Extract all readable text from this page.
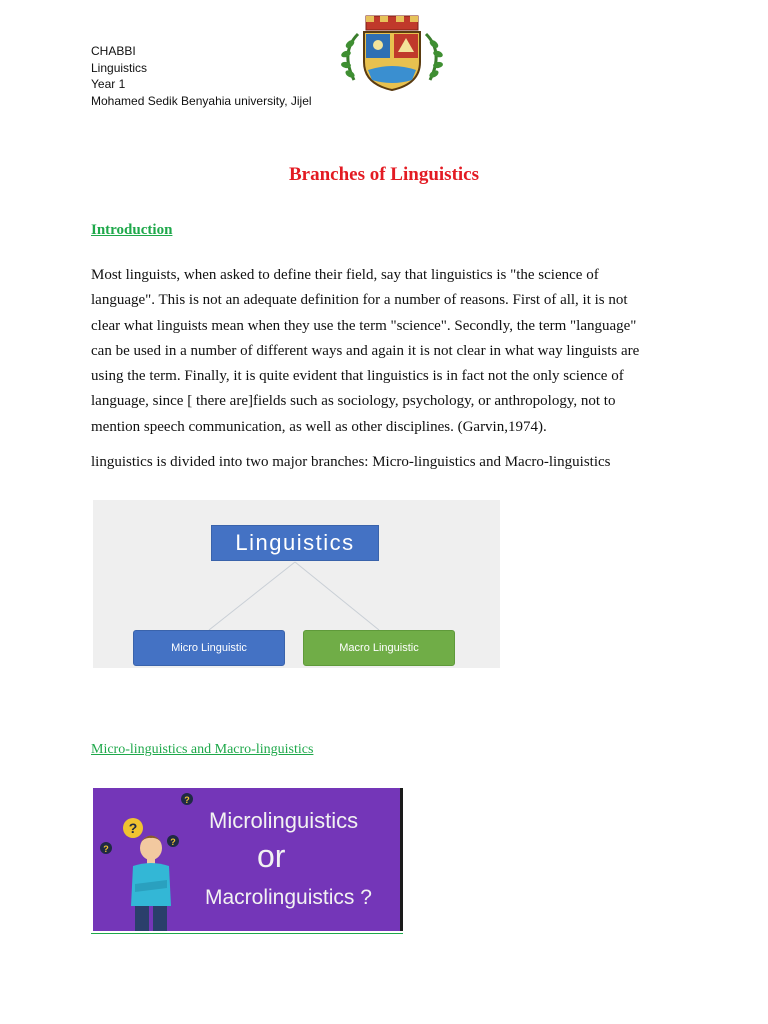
CHABBI
Linguistics
Year 1
Mohamed Sedik Benyahia university, Jijel
Branches of Linguistics
Introduction

Most linguists, when asked to define their field, say that linguistics is "the science of
language". This is not an adequate definition for a number of reasons. First of all, it is not
clear what linguists mean when they use the term "science". Secondly, the term "language"
can be used in a number of different ways and again it is not clear in what way linguists are
using the term. Finally, it is quite evident that linguistics is in fact not the only science of
language, since [ there are]fields such as sociology, psychology, or anthropology, not to
mention speech communication, as well as other disciplines. (Garvin,1974).

linguistics is divided into two major branches: Micro-linguistics and Macro-linguistics

Linguistics
Micro Linguistic	Macro Linguistic
Micro-linguistics and Macro-linguistics
?
?
?
?
Microlinguistics
or
Macrolinguistics ?
